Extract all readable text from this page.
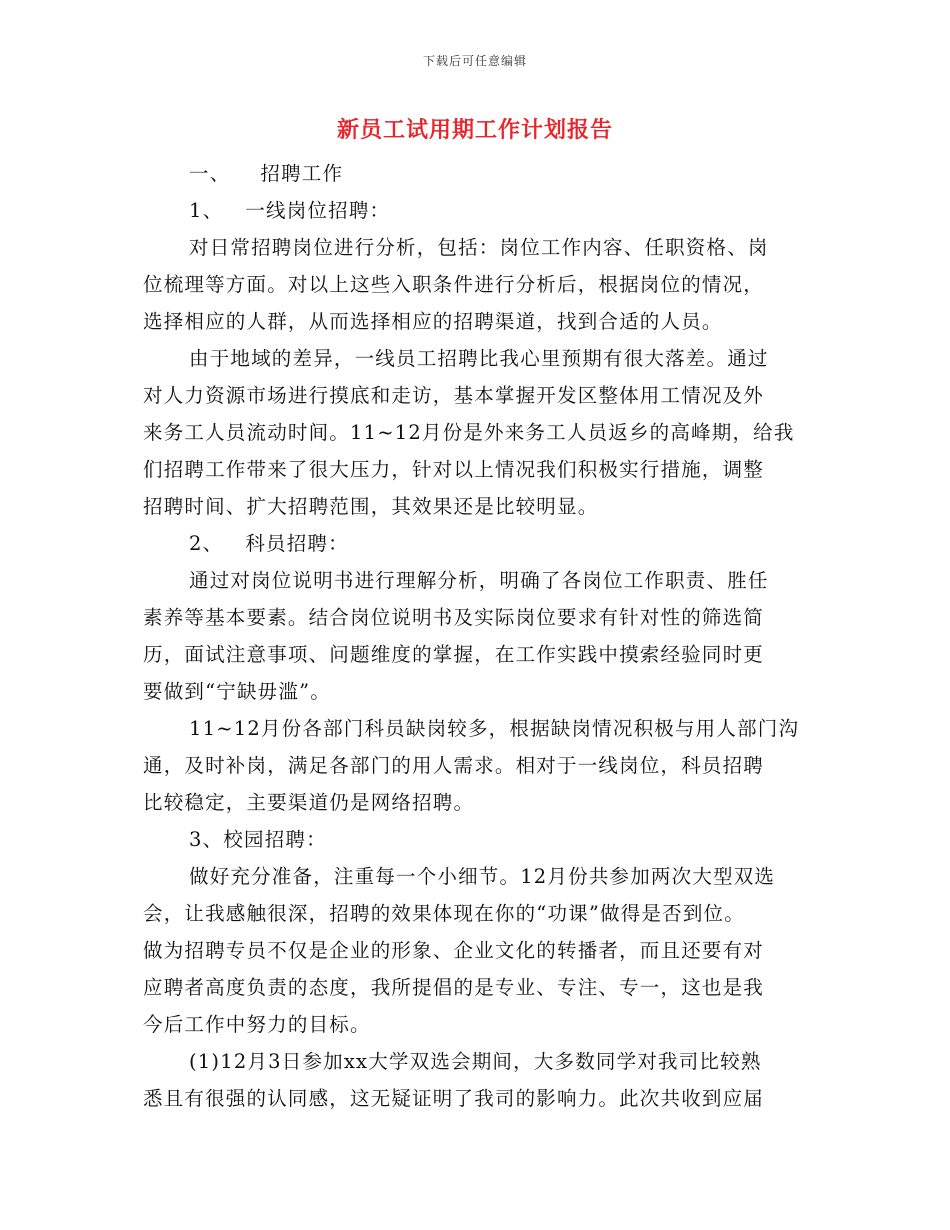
下载后可任意编辑
新员工试用期工作计划报告
一、 招聘工作
1、 一线岗位招聘：
对日常招聘岗位进行分析，包括：岗位工作内容、任职资格、岗
位梳理等方面。对以上这些入职条件进行分析后，根据岗位的情况，
选择相应的人群，从而选择相应的招聘渠道，找到合适的人员。
由于地域的差异，一线员工招聘比我心里预期有很大落差。通过
对人力资源市场进行摸底和走访，基本掌握开发区整体用工情况及外
来务工人员流动时间。11~12月份是外来务工人员返乡的高峰期，给我
们招聘工作带来了很大压力，针对以上情况我们积极实行措施，调整
招聘时间、扩大招聘范围，其效果还是比较明显。
2、 科员招聘：
通过对岗位说明书进行理解分析，明确了各岗位工作职责、胜任
素养等基本要素。结合岗位说明书及实际岗位要求有针对性的筛选简
历，面试注意事项、问题维度的掌握，在工作实践中摸索经验同时更
要做到“宁缺毋滥”。
11~12月份各部门科员缺岗较多，根据缺岗情况积极与用人部门沟
通，及时补岗，满足各部门的用人需求。相对于一线岗位，科员招聘
比较稳定，主要渠道仍是网络招聘。
3、校园招聘：
做好充分准备，注重每一个小细节。12月份共参加两次大型双选
会，让我感触很深，招聘的效果体现在你的“功课”做得是否到位。
做为招聘专员不仅是企业的形象、企业文化的转播者，而且还要有对
应聘者高度负责的态度，我所提倡的是专业、专注、专一，这也是我
今后工作中努力的目标。
(1)12月3日参加xx大学双选会期间，大多数同学对我司比较熟
悉且有很强的认同感，这无疑证明了我司的影响力。此次共收到应届
